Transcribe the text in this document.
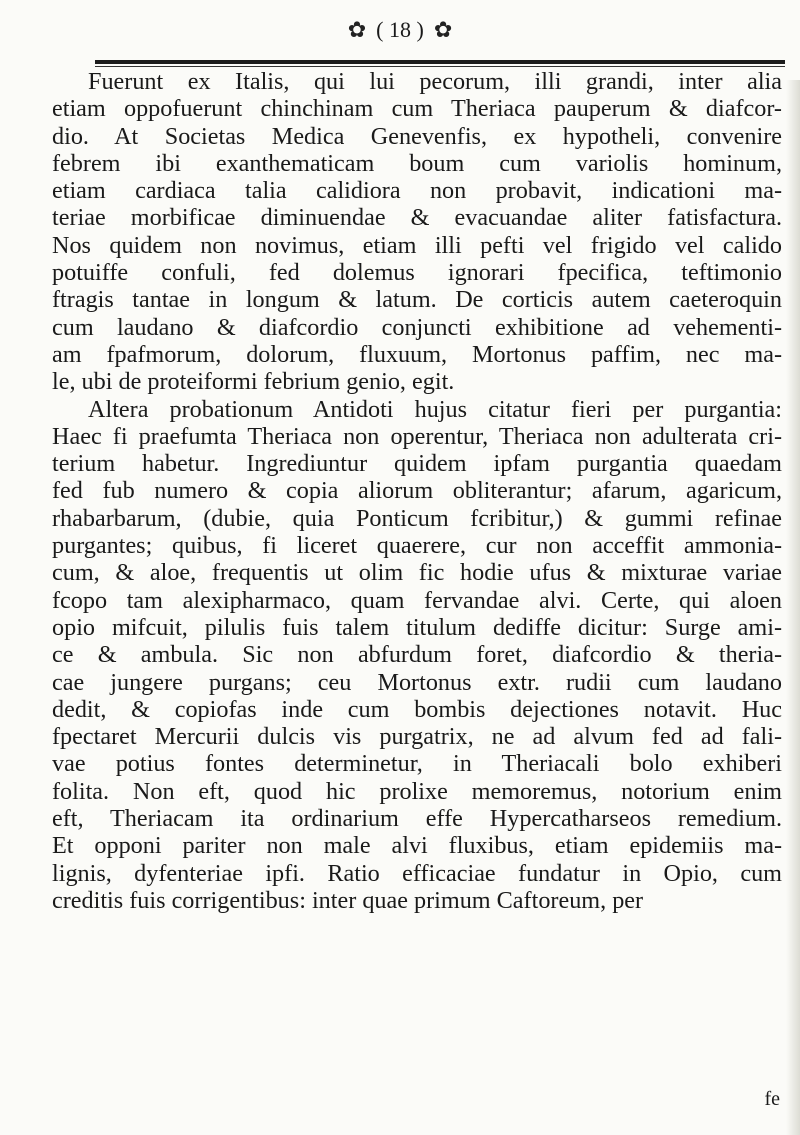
✿ ( 18 ) ✿
Fuerunt ex Italis, qui lui pecorum, illi grandi, inter alia
etiam oppofuerunt chinchinam cum Theriaca pauperum & diafcor-
dio. At Societas Medica Genevenfis, ex hypotheli, convenire
febrem ibi exanthematicam boum cum variolis hominum,
etiam cardiaca talia calidiora non probavit, indicationi ma-
teriae morbificae diminuendae & evacuandae aliter fatisfactura.
Nos quidem non novimus, etiam illi pefti vel frigido vel calido
potuiffe confuli, fed dolemus ignorari fpecifica, teftimonio
ftragis tantae in longum & latum. De corticis autem caeteroquin
cum laudano & diafcordio conjuncti exhibitione ad vehementi-
am fpafmorum, dolorum, fluxuum, Mortonus paffim, nec ma-
le, ubi de proteiformi febrium genio, egit.
Altera probationum Antidoti hujus citatur fieri per purgantia:
Haec fi praefumta Theriaca non operentur, Theriaca non adulterata cri-
terium habetur. Ingrediuntur quidem ipfam purgantia quaedam
fed fub numero & copia aliorum obliterantur; afarum, agaricum,
rhabarbarum, (dubie, quia Ponticum fcribitur,) & gummi refinae
purgantes; quibus, fi liceret quaerere, cur non acceffit ammonia-
cum, & aloe, frequentis ut olim fic hodie ufus & mixturae variae
fcopo tam alexipharmaco, quam fervandae alvi. Certe, qui aloen
opio mifcuit, pilulis fuis talem titulum dediffe dicitur: Surge ami-
ce & ambula. Sic non abfurdum foret, diafcordio & theria-
cae jungere purgans; ceu Mortonus extr. rudii cum laudano
dedit, & copiofas inde cum bombis dejectiones notavit. Huc
fpectaret Mercurii dulcis vis purgatrix, ne ad alvum fed ad fali-
vae potius fontes determinetur, in Theriacali bolo exhiberi
folita. Non eft, quod hic prolixe memoremus, notorium enim
eft, Theriacam ita ordinarium effe Hypercatharseos remedium.
Et opponi pariter non male alvi fluxibus, etiam epidemiis ma-
lignis, dyfenteriae ipfi. Ratio efficaciae fundatur in Opio, cum
creditis fuis corrigentibus: inter quae primum Caftoreum, per
fe
